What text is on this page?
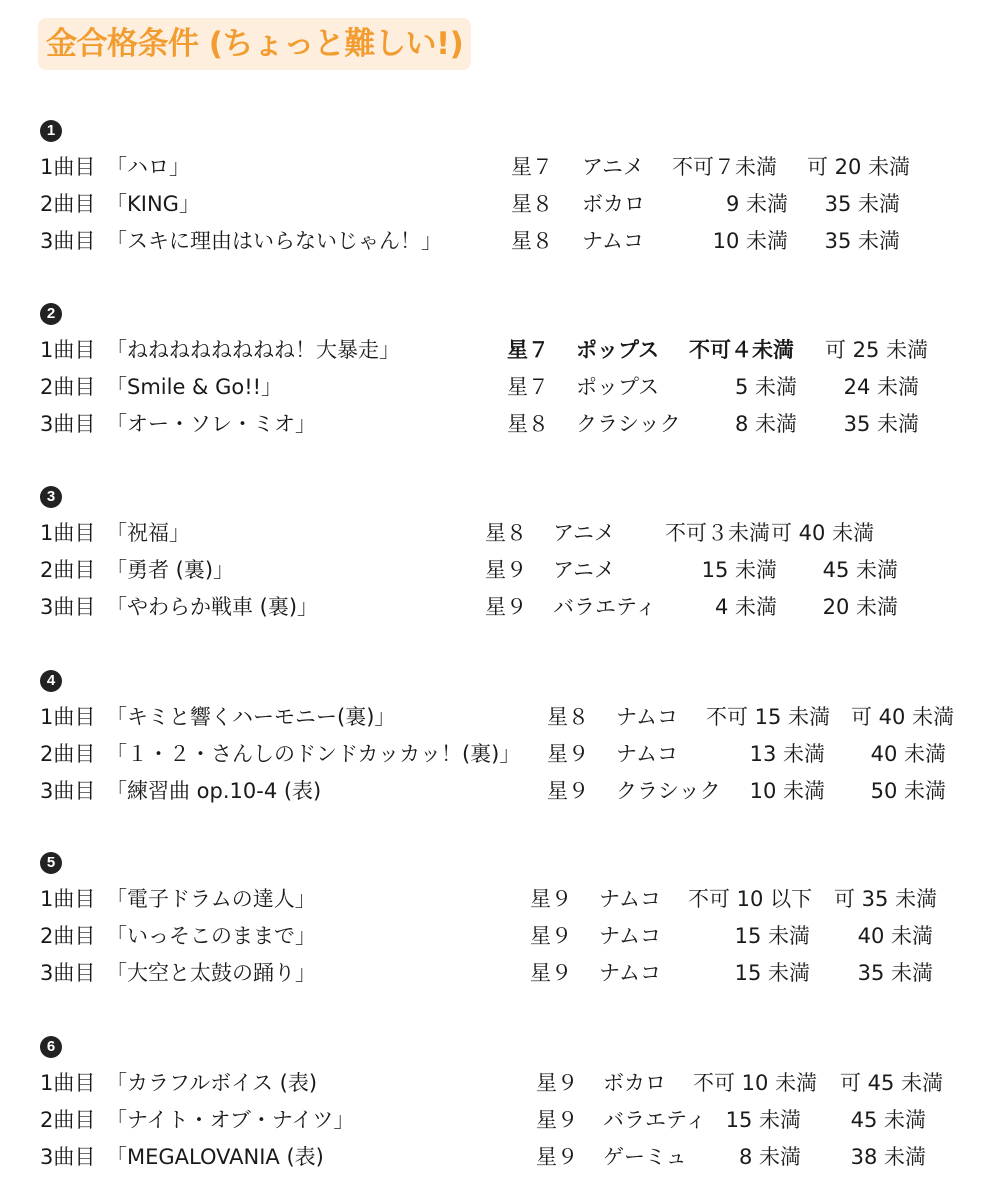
金合格条件 (ちょっと難しい!)
1
1曲目 「ハロ」	星７ アニメ 不可７未満 可 20 未満
2曲目 「KING」	星８ ボカロ	9 未満 35 未満
3曲目 「スキに理由はいらないじゃん！」	星８ ナムコ	10 未満 35 未満
2
1曲目 「ねねねねねねねね！大暴走」	星７ ポップス 不可４未満 可 25 未満
2曲目 「Smile & Go!!」	星７ ポップス	5 未満 24 未満
3曲目 「オー・ソレ・ミオ」	星８ クラシック	8 未満 35 未満
3
1曲目 「祝福」	星８ アニメ 不可３未満 可 40 未満
2曲目 「勇者 (裏)」	星９ アニメ	15 未満 45 未満
3曲目 「やわらか戦車 (裏)」	星９ バラエティ	4 未満 20 未満
4
1曲目 「キミと響くハーモニー(裏)」	星８ ナムコ 不可 15 未満 可 40 未満
2曲目 「１・２・さんしのドンドカッカッ！(裏)」 星９ ナムコ	13 未満 40 未満
3曲目 「練習曲 op.10-4 (表)	星９ クラシック 10 未満 50 未満
5
1曲目 「電子ドラムの達人」	星９ ナムコ 不可 10 以下 可 35 未満
2曲目 「いっそこのままで」	星９ ナムコ	15 未満 40 未満
3曲目 「大空と太鼓の踊り」	星９ ナムコ	15 未満 35 未満
6
1曲目 「カラフルボイス (表)	星９ ボカロ 不可 10 未満 可 45 未満
2曲目 「ナイト・オブ・ナイツ」	星９ バラエティ 15 未満 45 未満
3曲目 「MEGALOVANIA (表)	星９ ゲーミュ 8 未満 38 未満
